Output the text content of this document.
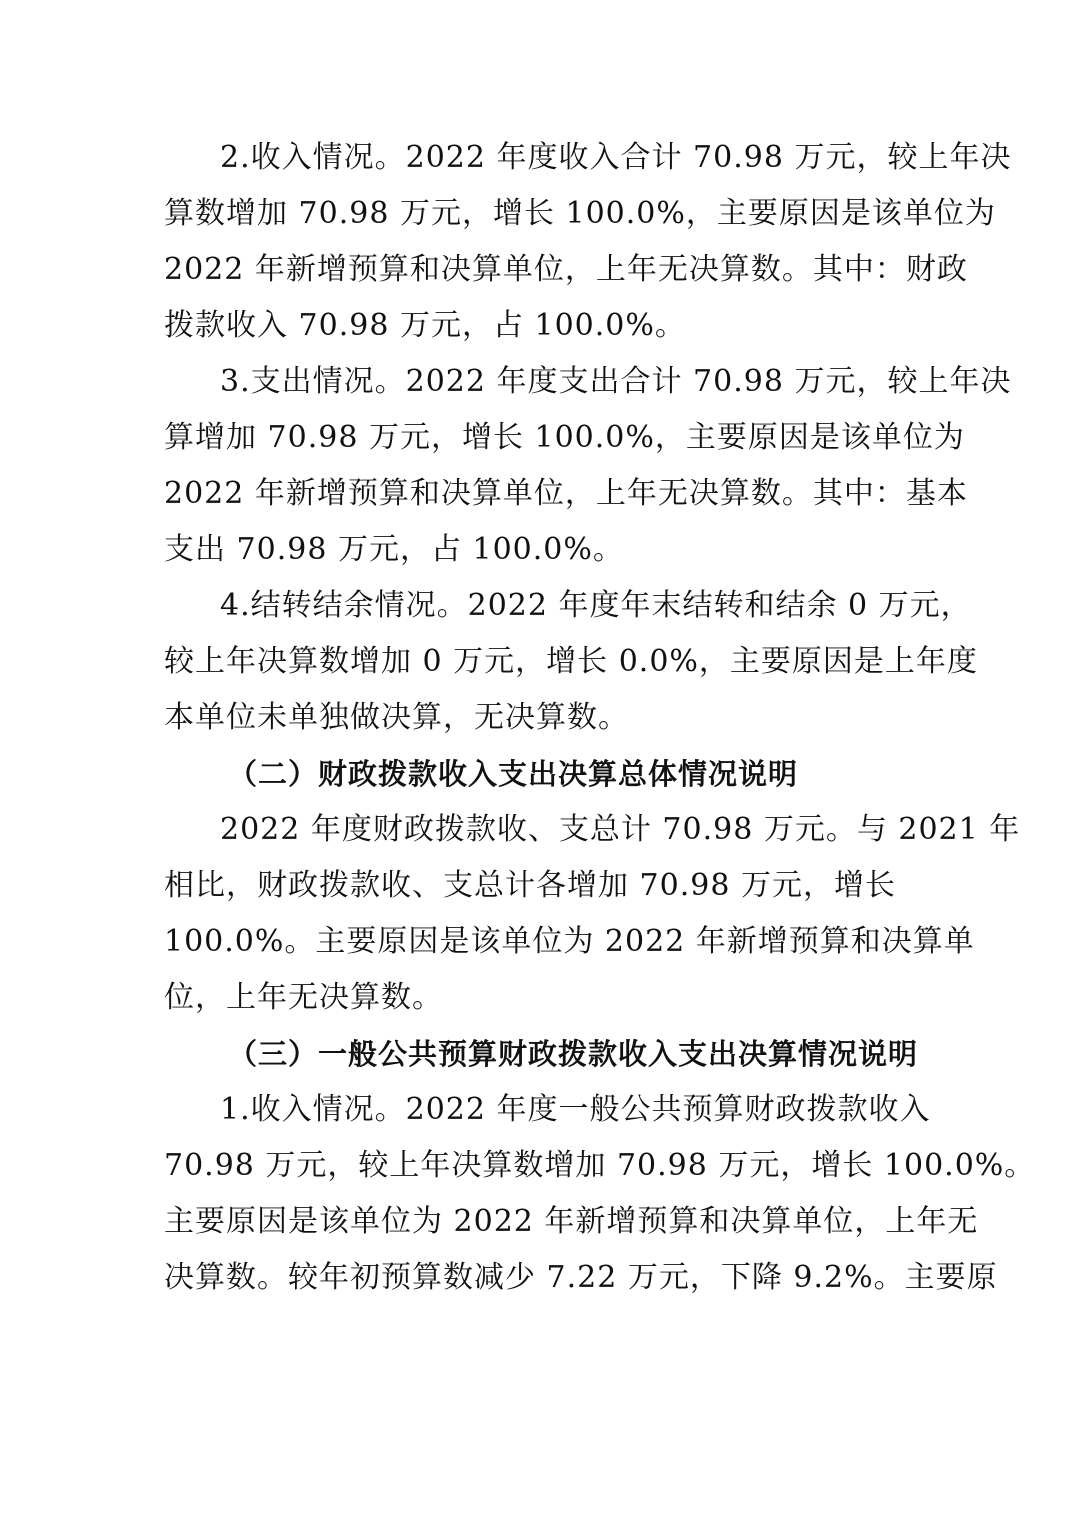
2.收入情况。2022 年度收入合计 70.98 万元，较上年决
算数增加 70.98 万元，增长 100.0%，主要原因是该单位为
2022 年新增预算和决算单位，上年无决算数。其中：财政
拨款收入 70.98 万元，占 100.0%。
3.支出情况。2022 年度支出合计 70.98 万元，较上年决
算增加 70.98 万元，增长 100.0%，主要原因是该单位为
2022 年新增预算和决算单位，上年无决算数。其中：基本
支出 70.98 万元，占 100.0%。
4.结转结余情况。2022 年度年末结转和结余 0 万元，
较上年决算数增加 0 万元，增长 0.0%，主要原因是上年度
本单位未单独做决算，无决算数。
（二）财政拨款收入支出决算总体情况说明
2022 年度财政拨款收、支总计 70.98 万元。与 2021 年
相比，财政拨款收、支总计各增加 70.98 万元，增长
100.0%。主要原因是该单位为 2022 年新增预算和决算单
位，上年无决算数。
（三）一般公共预算财政拨款收入支出决算情况说明
1.收入情况。2022 年度一般公共预算财政拨款收入
70.98 万元，较上年决算数增加 70.98 万元，增长 100.0%。
主要原因是该单位为 2022 年新增预算和决算单位，上年无
决算数。较年初预算数减少 7.22 万元，下降 9.2%。主要原
